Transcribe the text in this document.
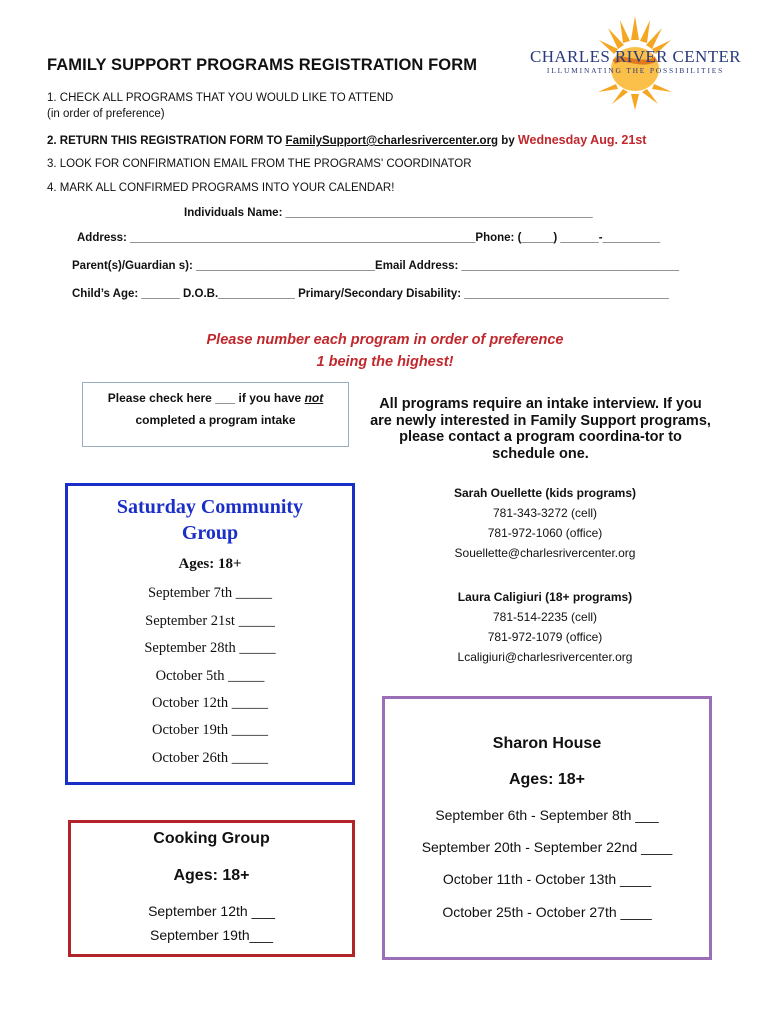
CHARLES RIVER CENTER
ILLUMINATING THE POSSIBILITIES
FAMILY SUPPORT PROGRAMS REGISTRATION FORM
1. CHECK ALL PROGRAMS THAT YOU WOULD LIKE TO ATTEND
(in order of preference)
2. RETURN THIS REGISTRATION FORM TO FamilySupport@charlesrivercenter.org by Wednesday Aug. 21st
3. LOOK FOR CONFIRMATION EMAIL FROM THE PROGRAMS' COORDINATOR
4. MARK ALL CONFIRMED PROGRAMS INTO YOUR CALENDAR!
Individuals Name: ________________________________________________
Address: ______________________________________________________Phone: (_____) ______-_________
Parent(s)/Guardian s): ____________________________Email Address: __________________________________
Child’s Age: ______ D.O.B.____________ Primary/Secondary Disability: ________________________________
Please number each program in order of preference
1 being the highest!
Please check here ___ if you have not
completed a program intake
All programs require an intake interview. If you are newly interested in Family Support programs, please contact a program coordina-tor to schedule one.
Sarah Ouellette (kids programs)
781-343-3272 (cell)
781-972-1060 (office)
Souellette@charlesrivercenter.org
Laura Caligiuri (18+ programs)
781-514-2235 (cell)
781-972-1079 (office)
Lcaligiuri@charlesrivercenter.org
Saturday Community
Group
Ages: 18+
September 7th _____
September 21st _____
September 28th _____
October 5th _____
October 12th _____
October 19th _____
October 26th _____
Cooking Group
Ages: 18+
September 12th ___
September 19th___
Sharon House
Ages: 18+
September 6th - September 8th ___
September 20th - September 22nd ____
October 11th - October 13th ____
October 25th - October 27th ____
